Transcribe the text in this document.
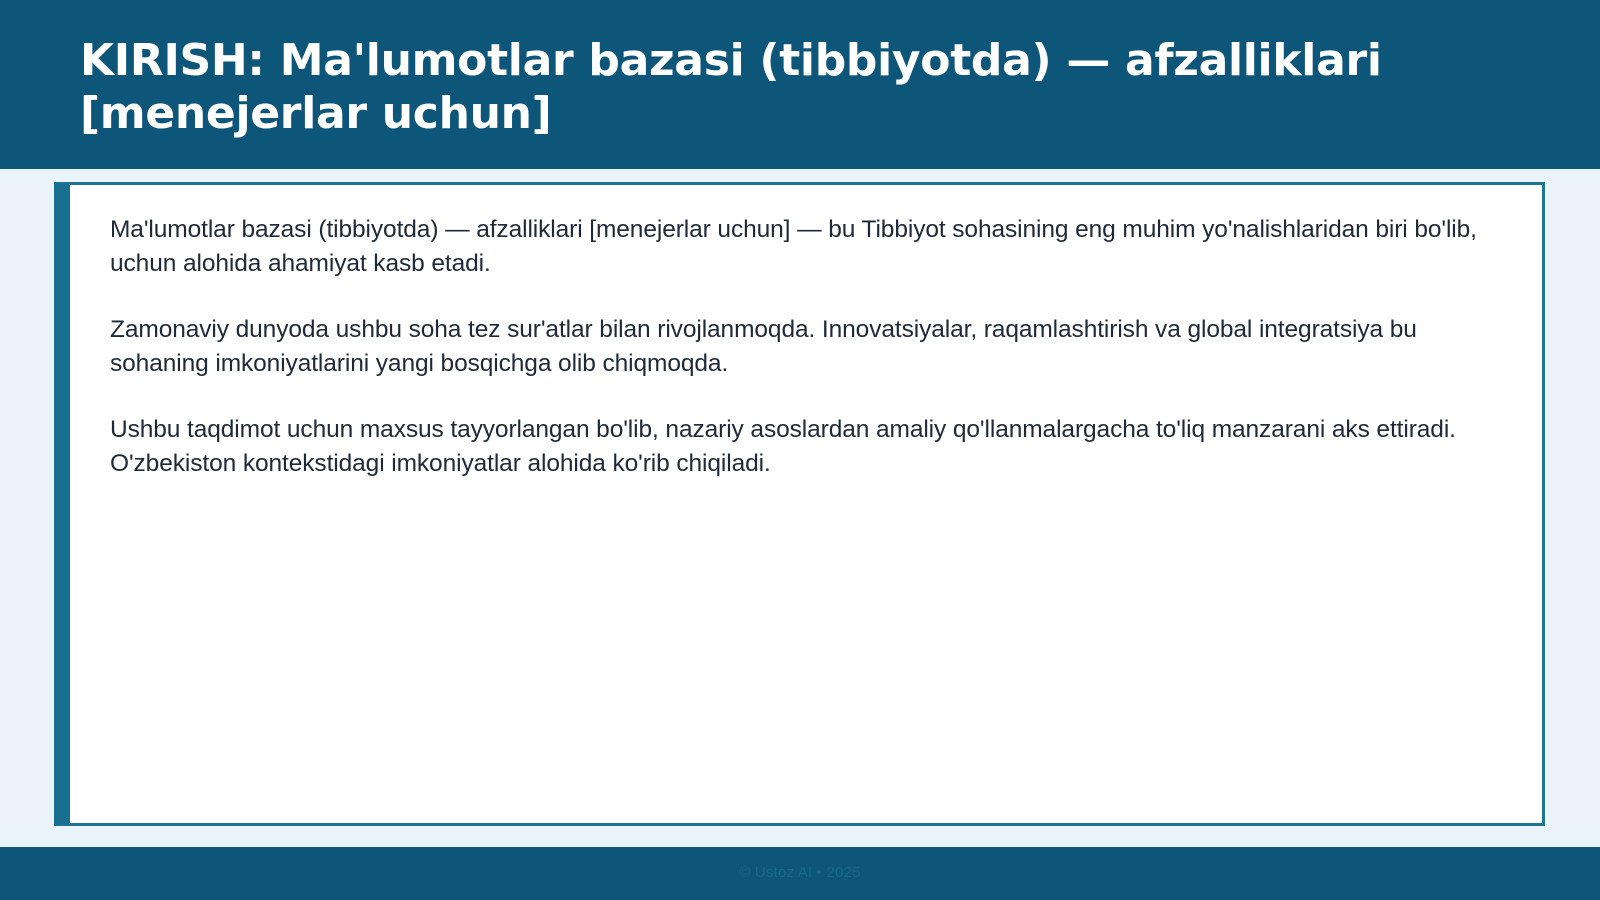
KIRISH: Ma'lumotlar bazasi (tibbiyotda) — afzalliklari [menejerlar uchun]

Ma'lumotlar bazasi (tibbiyotda) — afzalliklari [menejerlar uchun] — bu Tibbiyot sohasining eng muhim yo'nalishlaridan biri bo'lib, uchun alohida ahamiyat kasb etadi.

Zamonaviy dunyoda ushbu soha tez sur'atlar bilan rivojlanmoqda. Innovatsiyalar, raqamlashtirish va global integratsiya bu sohaning imkoniyatlarini yangi bosqichga olib chiqmoqda.

Ushbu taqdimot uchun maxsus tayyorlangan bo'lib, nazariy asoslardan amaliy qo'llanmalargacha to'liq manzarani aks ettiradi. O'zbekiston kontekstidagi imkoniyatlar alohida ko'rib chiqiladi.

© Ustoz AI • 2025
